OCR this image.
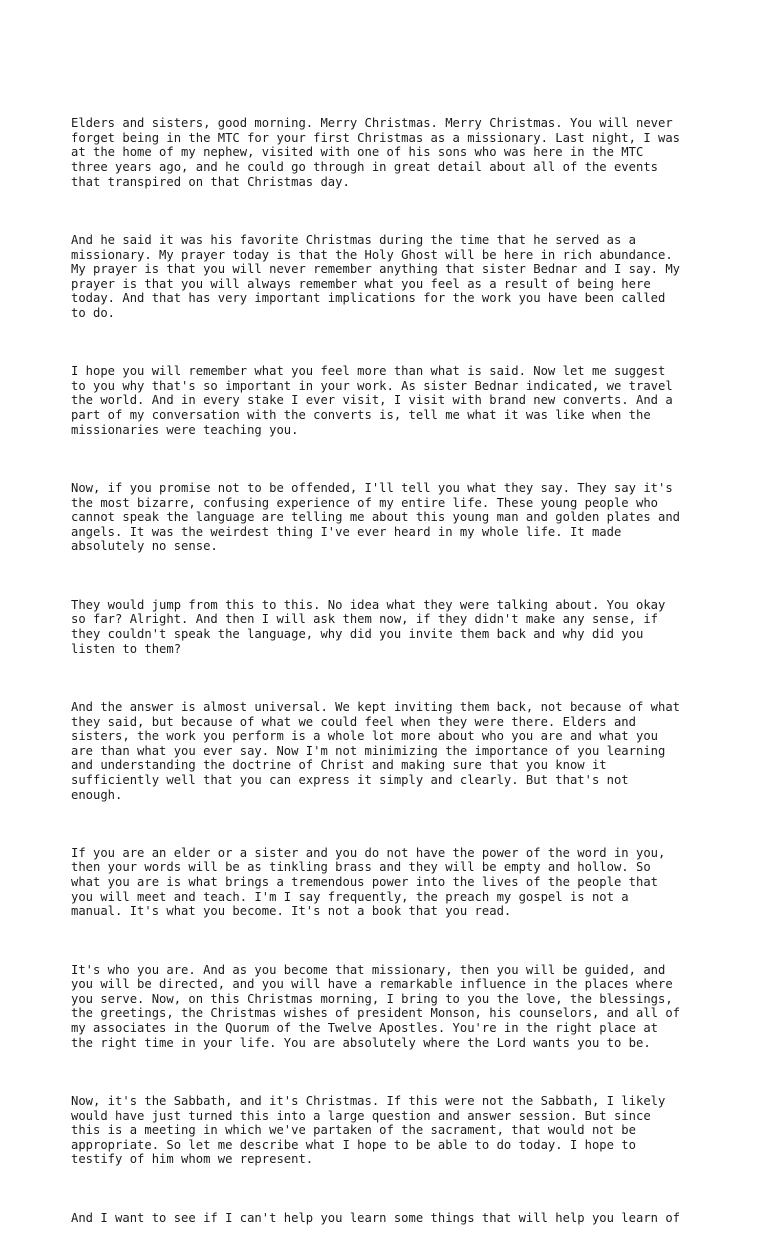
Elders and sisters, good morning. Merry Christmas. Merry Christmas. You will never
forget being in the MTC for your first Christmas as a missionary. Last night, I was
at the home of my nephew, visited with one of his sons who was here in the MTC
three years ago, and he could go through in great detail about all of the events
that transpired on that Christmas day.

And he said it was his favorite Christmas during the time that he served as a
missionary. My prayer today is that the Holy Ghost will be here in rich abundance.
My prayer is that you will never remember anything that sister Bednar and I say. My
prayer is that you will always remember what you feel as a result of being here
today. And that has very important implications for the work you have been called
to do.

I hope you will remember what you feel more than what is said. Now let me suggest
to you why that's so important in your work. As sister Bednar indicated, we travel
the world. And in every stake I ever visit, I visit with brand new converts. And a
part of my conversation with the converts is, tell me what it was like when the
missionaries were teaching you.

Now, if you promise not to be offended, I'll tell you what they say. They say it's
the most bizarre, confusing experience of my entire life. These young people who
cannot speak the language are telling me about this young man and golden plates and
angels. It was the weirdest thing I've ever heard in my whole life. It made
absolutely no sense.

They would jump from this to this. No idea what they were talking about. You okay
so far? Alright. And then I will ask them now, if they didn't make any sense, if
they couldn't speak the language, why did you invite them back and why did you
listen to them?

And the answer is almost universal. We kept inviting them back, not because of what
they said, but because of what we could feel when they were there. Elders and
sisters, the work you perform is a whole lot more about who you are and what you
are than what you ever say. Now I'm not minimizing the importance of you learning
and understanding the doctrine of Christ and making sure that you know it
sufficiently well that you can express it simply and clearly. But that's not
enough.

If you are an elder or a sister and you do not have the power of the word in you,
then your words will be as tinkling brass and they will be empty and hollow. So
what you are is what brings a tremendous power into the lives of the people that
you will meet and teach. I'm I say frequently, the preach my gospel is not a
manual. It's what you become. It's not a book that you read.

It's who you are. And as you become that missionary, then you will be guided, and
you will be directed, and you will have a remarkable influence in the places where
you serve. Now, on this Christmas morning, I bring to you the love, the blessings,
the greetings, the Christmas wishes of president Monson, his counselors, and all of
my associates in the Quorum of the Twelve Apostles. You're in the right place at
the right time in your life. You are absolutely where the Lord wants you to be.

Now, it's the Sabbath, and it's Christmas. If this were not the Sabbath, I likely
would have just turned this into a large question and answer session. But since
this is a meeting in which we've partaken of the sacrament, that would not be
appropriate. So let me describe what I hope to be able to do today. I hope to
testify of him whom we represent.

And I want to see if I can't help you learn some things that will help you learn of
